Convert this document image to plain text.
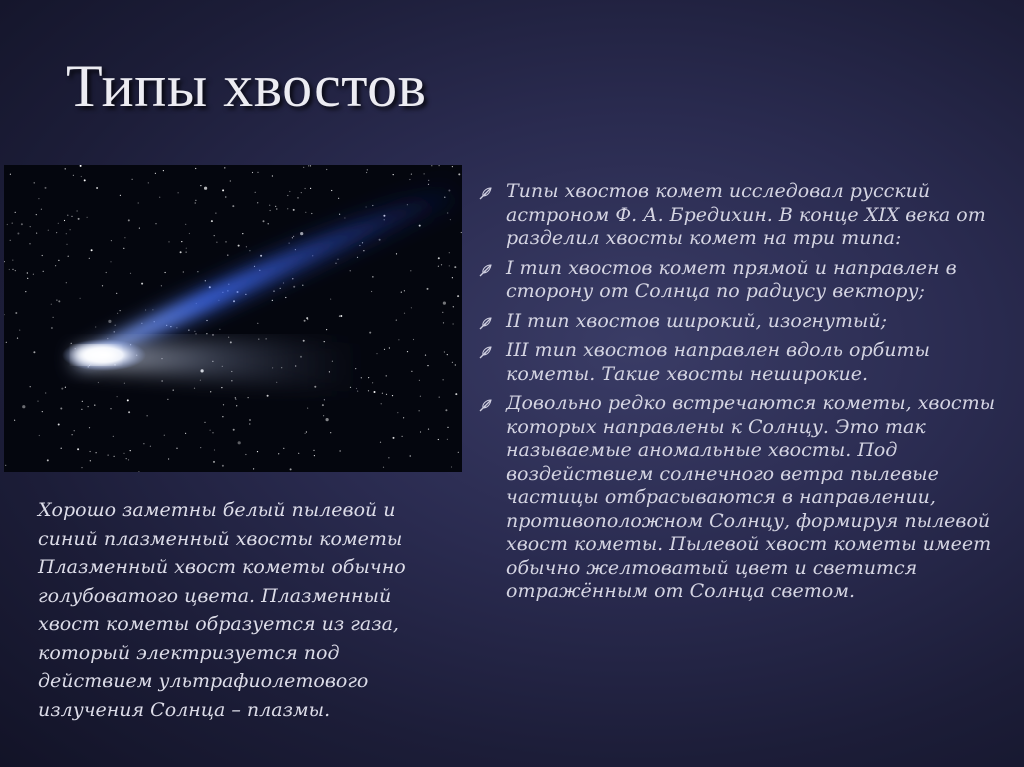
Типы хвостов

Хорошо заметны белый пылевой и синий плазменный хвосты кометы Плазменный хвост кометы обычно голубоватого цвета. Плазменный хвост кометы образуется из газа, который электризуется под действием ультрафиолетового излучения Солнца – плазмы.

Типы хвостов комет исследовал русский астроном Ф. А. Бредихин. В конце XIX века от разделил хвосты комет на три типа:
I тип хвостов комет прямой и направлен в сторону от Солнца по радиусу вектору;
II тип хвостов широкий, изогнутый;
III тип хвостов направлен вдоль орбиты кометы. Такие хвосты неширокие.
Довольно редко встречаются кометы, хвосты которых направлены к Солнцу. Это так называемые аномальные хвосты. Под воздействием солнечного ветра пылевые частицы отбрасываются в направлении, противоположном Солнцу, формируя пылевой хвост кометы. Пылевой хвост кометы имеет обычно желтоватый цвет и светится отражённым от Солнца светом.
